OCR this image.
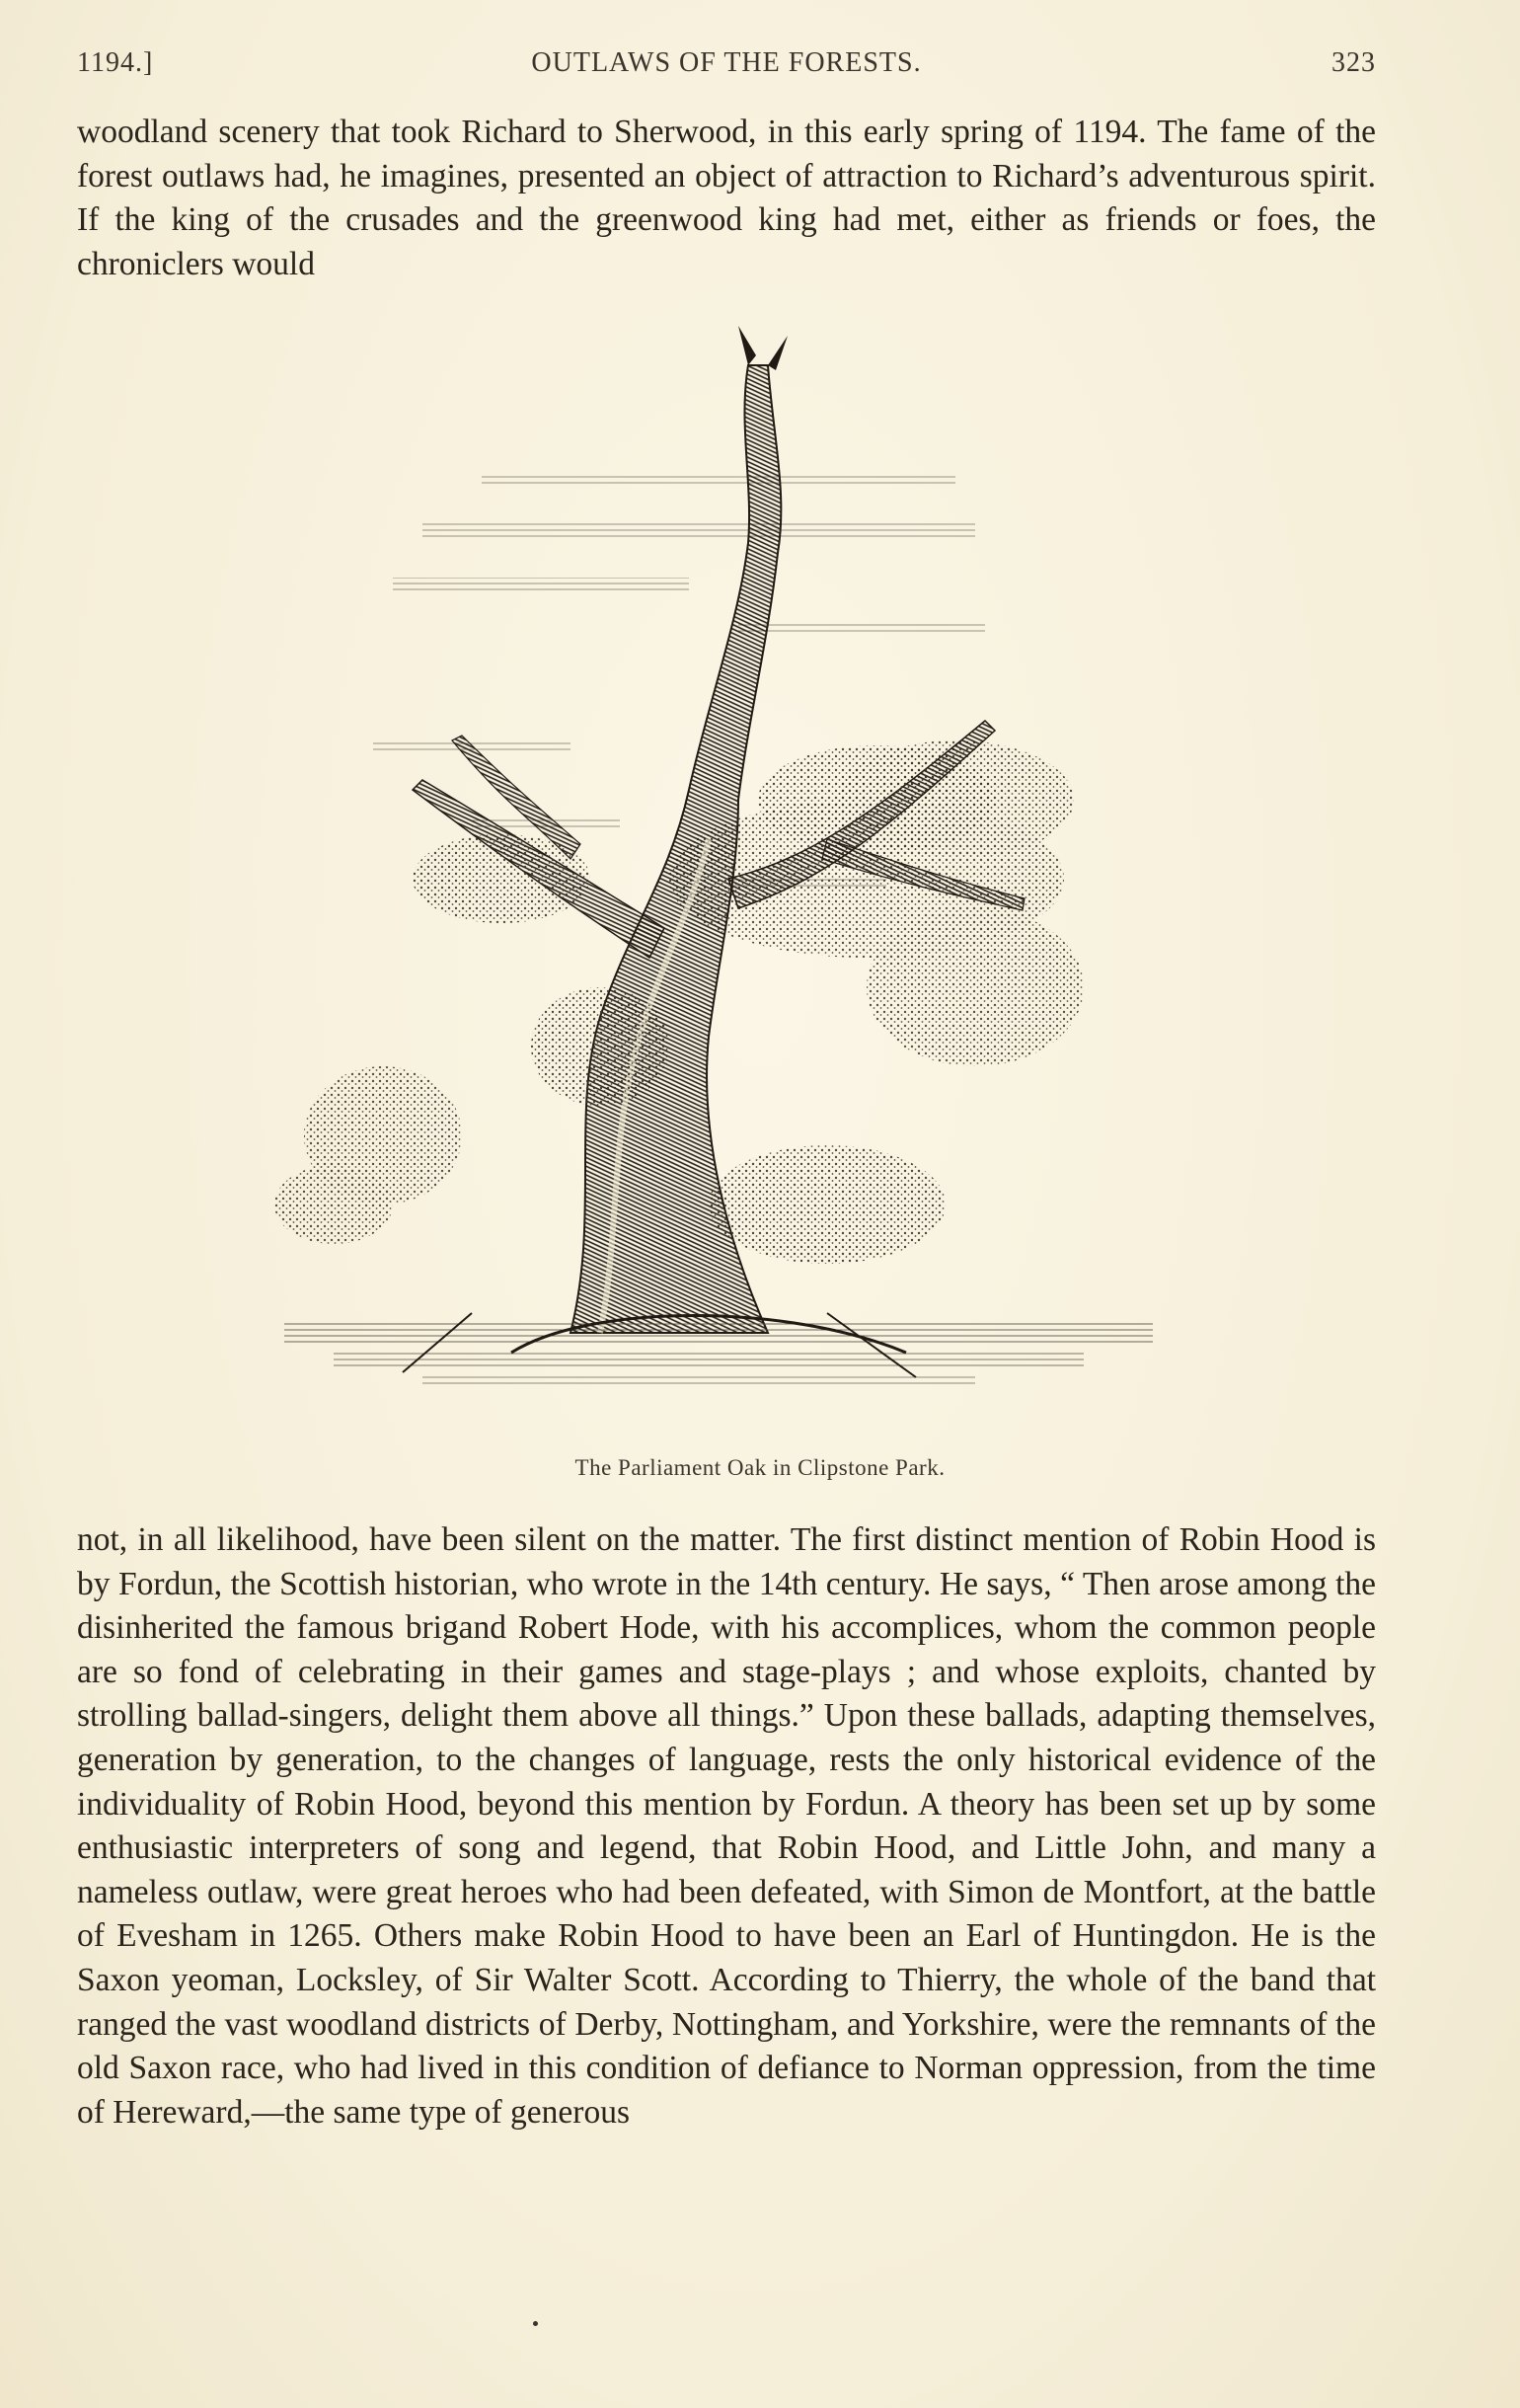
1194.]	OUTLAWS OF THE FORESTS.	323

woodland scenery that took Richard to Sherwood, in this early spring of 1194. The fame of the forest outlaws had, he imagines, presented an object of attraction to Richard’s adventurous spirit. If the king of the crusades and the greenwood king had met, either as friends or foes, the chroniclers would

The Parliament Oak in Clipstone Park.

not, in all likelihood, have been silent on the matter. The first distinct mention of Robin Hood is by Fordun, the Scottish historian, who wrote in the 14th century. He says, “ Then arose among the disinherited the famous brigand Robert Hode, with his accomplices, whom the common people are so fond of celebrating in their games and stage-plays ; and whose exploits, chanted by strolling ballad-singers, delight them above all things.” Upon these ballads, adapting themselves, generation by generation, to the changes of language, rests the only historical evidence of the individuality of Robin Hood, beyond this mention by Fordun. A theory has been set up by some enthusiastic interpreters of song and legend, that Robin Hood, and Little John, and many a nameless outlaw, were great heroes who had been defeated, with Simon de Montfort, at the battle of Evesham in 1265. Others make Robin Hood to have been an Earl of Huntingdon. He is the Saxon yeoman, Locksley, of Sir Walter Scott. According to Thierry, the whole of the band that ranged the vast woodland districts of Derby, Nottingham, and Yorkshire, were the remnants of the old Saxon race, who had lived in this condition of defiance to Norman oppression, from the time of Hereward,—the same type of generous
